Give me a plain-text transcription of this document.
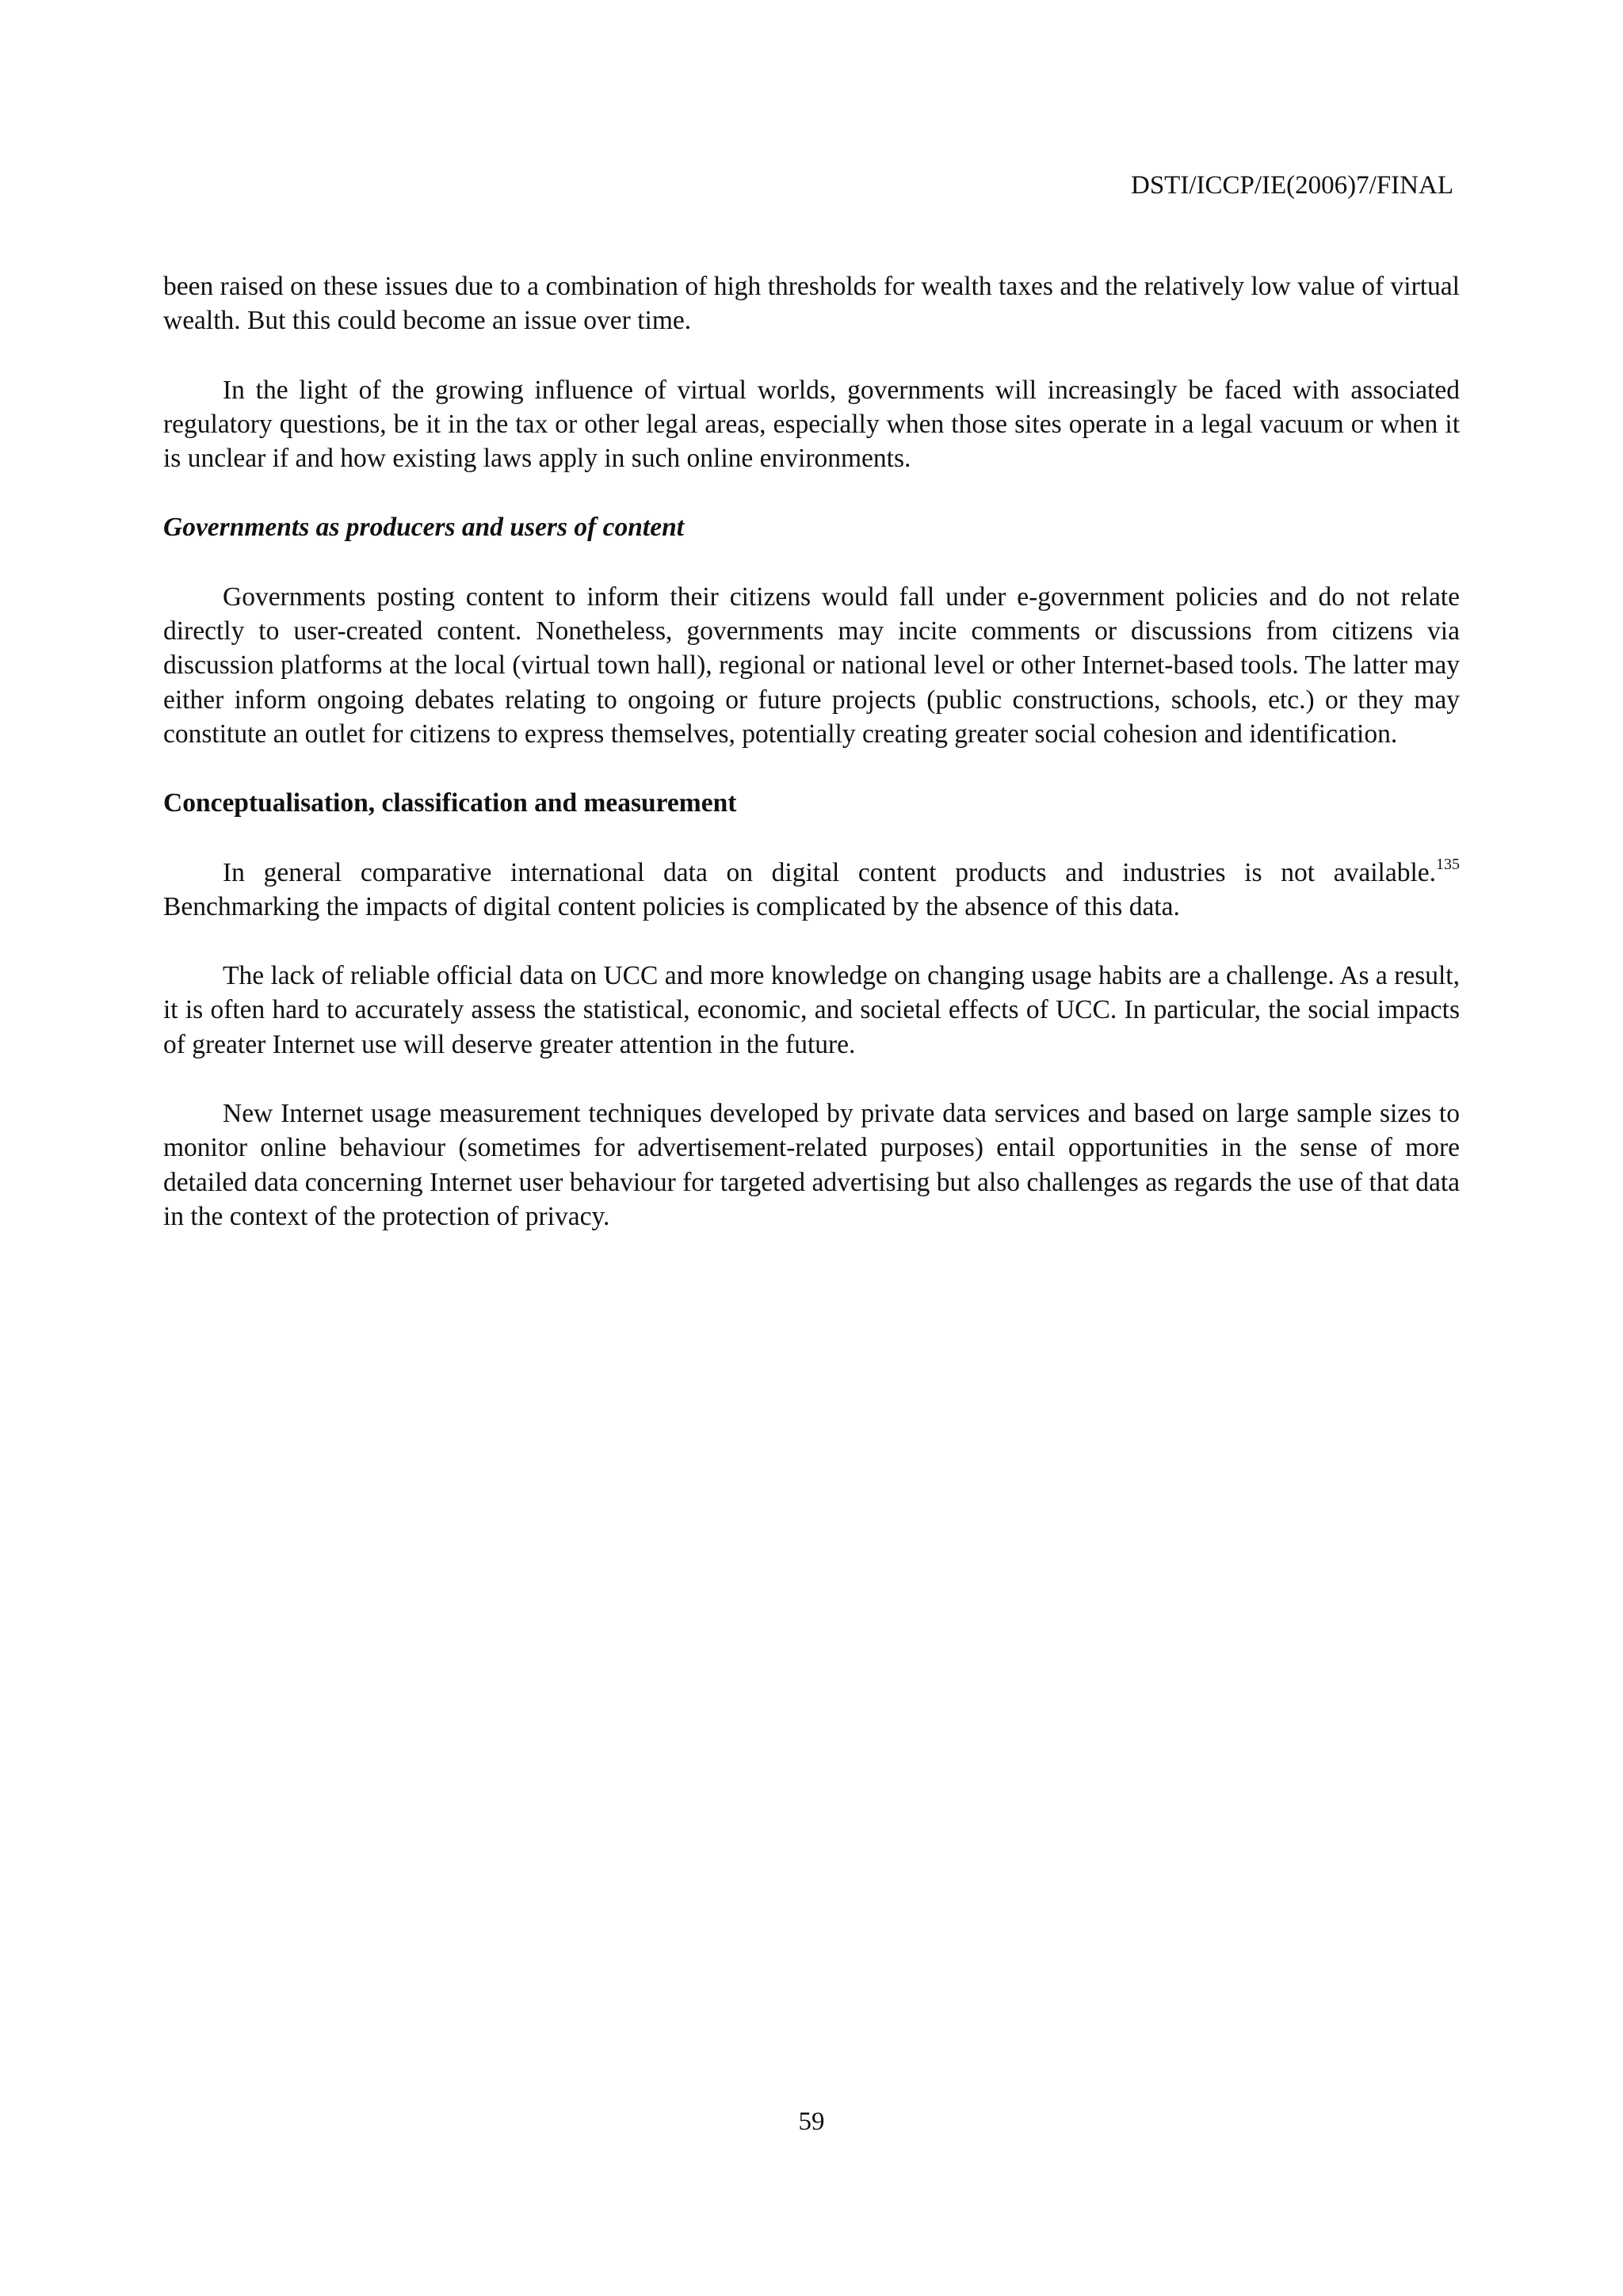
DSTI/ICCP/IE(2006)7/FINAL

been raised on these issues due to a combination of high thresholds for wealth taxes and the relatively low value of virtual wealth. But this could become an issue over time.

In the light of the growing influence of virtual worlds, governments will increasingly be faced with associated regulatory questions, be it in the tax or other legal areas, especially when those sites operate in a legal vacuum or when it is unclear if and how existing laws apply in such online environments.

Governments as producers and users of content

Governments posting content to inform their citizens would fall under e-government policies and do not relate directly to user-created content. Nonetheless, governments may incite comments or discussions from citizens via discussion platforms at the local (virtual town hall), regional or national level or other Internet-based tools. The latter may either inform ongoing debates relating to ongoing or future projects (public constructions, schools, etc.) or they may constitute an outlet for citizens to express themselves, potentially creating greater social cohesion and identification.

Conceptualisation, classification and measurement

In general comparative international data on digital content products and industries is not available.$^{135}$ Benchmarking the impacts of digital content policies is complicated by the absence of this data.

The lack of reliable official data on UCC and more knowledge on changing usage habits are a challenge. As a result, it is often hard to accurately assess the statistical, economic, and societal effects of UCC. In particular, the social impacts of greater Internet use will deserve greater attention in the future.

New Internet usage measurement techniques developed by private data services and based on large sample sizes to monitor online behaviour (sometimes for advertisement-related purposes) entail opportunities in the sense of more detailed data concerning Internet user behaviour for targeted advertising but also challenges as regards the use of that data in the context of the protection of privacy.

59
